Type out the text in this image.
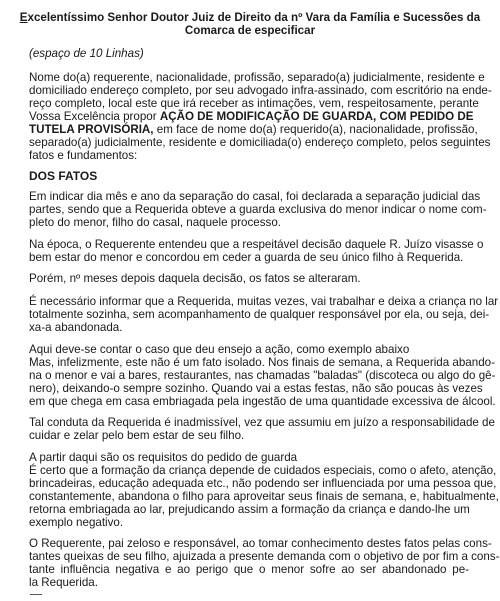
Excelentíssimo Senhor Doutor Juiz de Direito da nº Vara da Família e Sucessões da
Comarca de especificar
(espaço de 10 Linhas)
Nome do(a) requerente, nacionalidade, profissão, separado(a) judicialmente, residente e
domiciliado endereço completo, por seu advogado infra-assinado, com escritório na ende-
reço completo, local este que irá receber as intimações, vem, respeitosamente, perante
Vossa Excelência propor AÇÃO DE MODIFICAÇÃO DE GUARDA, COM PEDIDO DE
TUTELA PROVISÓRIA, em face de nome do(a) requerido(a), nacionalidade, profissão,
separado(a) judicialmente, residente e domiciliada(o) endereço completo, pelos seguintes
fatos e fundamentos:
DOS FATOS
Em indicar dia mês e ano da separação do casal, foi declarada a separação judicial das
partes, sendo que a Requerida obteve a guarda exclusiva do menor indicar o nome com-
pleto do menor, filho do casal, naquele processo.
Na época, o Requerente entendeu que a respeitável decisão daquele R. Juízo visasse o
bem estar do menor e concordou em ceder a guarda de seu único filho à Requerida.
Porém, nº meses depois daquela decisão, os fatos se alteraram.
É necessário informar que a Requerida, muitas vezes, vai trabalhar e deixa a criança no lar
totalmente sozinha, sem acompanhamento de qualquer responsável por ela, ou seja, dei-
xa-a abandonada.
Aqui deve-se contar o caso que deu ensejo a ação, como exemplo abaixo
Mas, infelizmente, este não é um fato isolado. Nos finais de semana, a Requerida abando-
na o menor e vai a bares, restaurantes, nas chamadas "baladas" (discoteca ou algo do gê-
nero), deixando-o sempre sozinho. Quando vai a estas festas, não são poucas às vezes
em que chega em casa embriagada pela ingestão de uma quantidade excessiva de álcool.
Tal conduta da Requerida é inadmissível, vez que assumiu em juízo a responsabilidade de
cuidar e zelar pelo bem estar de seu filho.
A partir daqui são os requisitos do pedido de guarda
É certo que a formação da criança depende de cuidados especiais, como o afeto, atenção,
brincadeiras, educação adequada etc., não podendo ser influenciada por uma pessoa que,
constantemente, abandona o filho para aproveitar seus finais de semana, e, habitualmente,
retorna embriagada ao lar, prejudicando assim a formação da criança e dando-lhe um
exemplo negativo.
O Requerente, pai zeloso e responsável, ao tomar conhecimento destes fatos pelas cons-
tantes queixas de seu filho, ajuizada a presente demanda com o objetivo de por fim a cons-
tante influência negativa e ao perigo que o menor sofre ao ser abandonado pe-
la Requerida.
